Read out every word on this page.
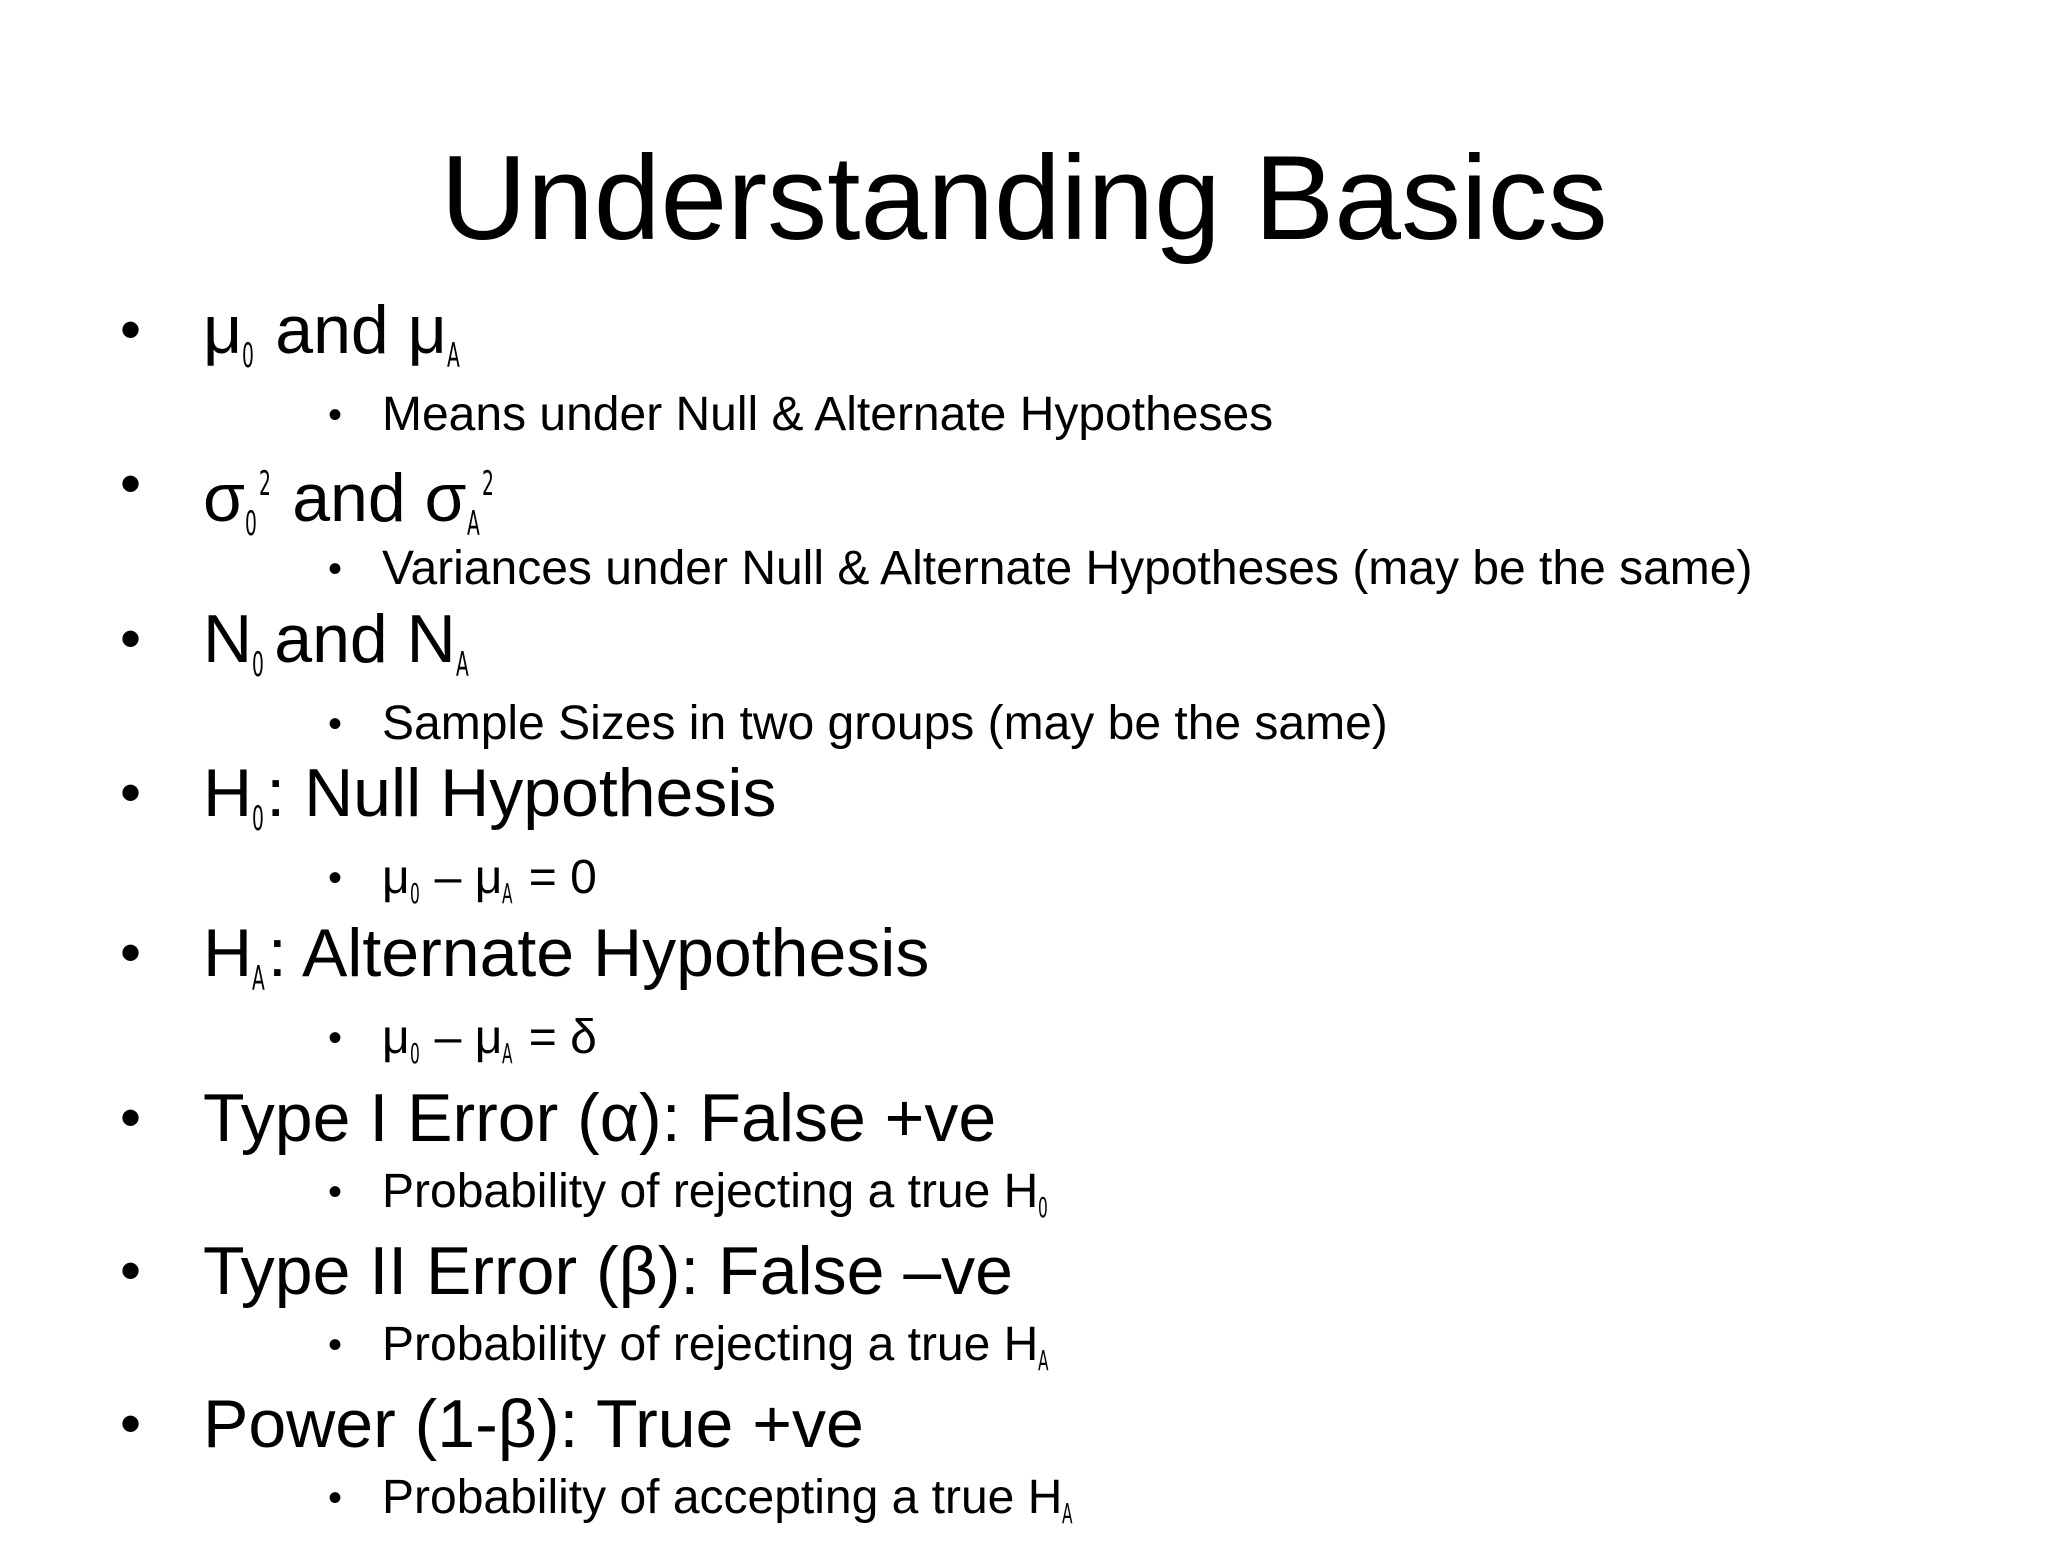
Understanding Basics
• μ0 and μA
• Means under Null & Alternate Hypotheses
• σ02 and σA2
• Variances under Null & Alternate Hypotheses (may be the same)
• N0 and NA
• Sample Sizes in two groups (may be the same)
• H0: Null Hypothesis
• μ0 – μA = 0
• HA: Alternate Hypothesis
• μ0 – μA = δ
• Type I Error (α): False +ve
• Probability of rejecting a true H0
• Type II Error (β): False –ve
• Probability of rejecting a true HA
• Power (1-β): True +ve
• Probability of accepting a true HA
